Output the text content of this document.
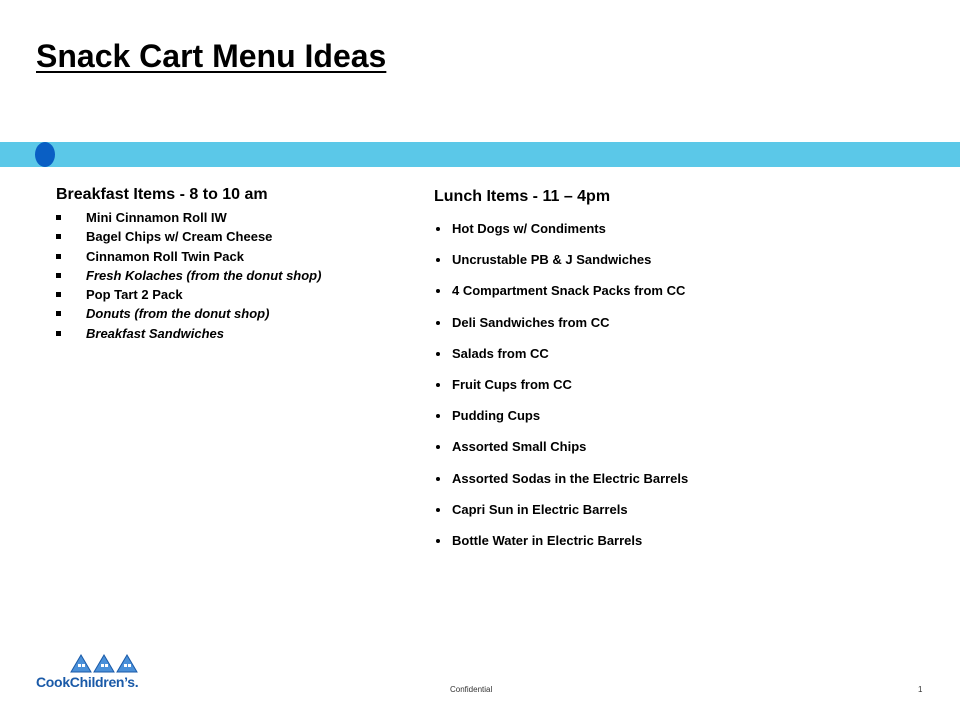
Snack Cart Menu Ideas
Breakfast Items - 8 to 10 am
Mini Cinnamon Roll IW
Bagel Chips w/ Cream Cheese
Cinnamon Roll Twin Pack
Fresh Kolaches (from the donut shop)
Pop Tart 2 Pack
Donuts (from the donut shop)
Breakfast Sandwiches
Lunch Items - 11 – 4pm
Hot Dogs w/ Condiments
Uncrustable PB & J Sandwiches
4 Compartment Snack Packs from CC
Deli Sandwiches from CC
Salads from CC
Fruit Cups from CC
Pudding Cups
Assorted Small Chips
Assorted Sodas in the Electric Barrels
Capri Sun in Electric Barrels
Bottle Water in Electric Barrels
CookChildren’s.	Confidential	1
